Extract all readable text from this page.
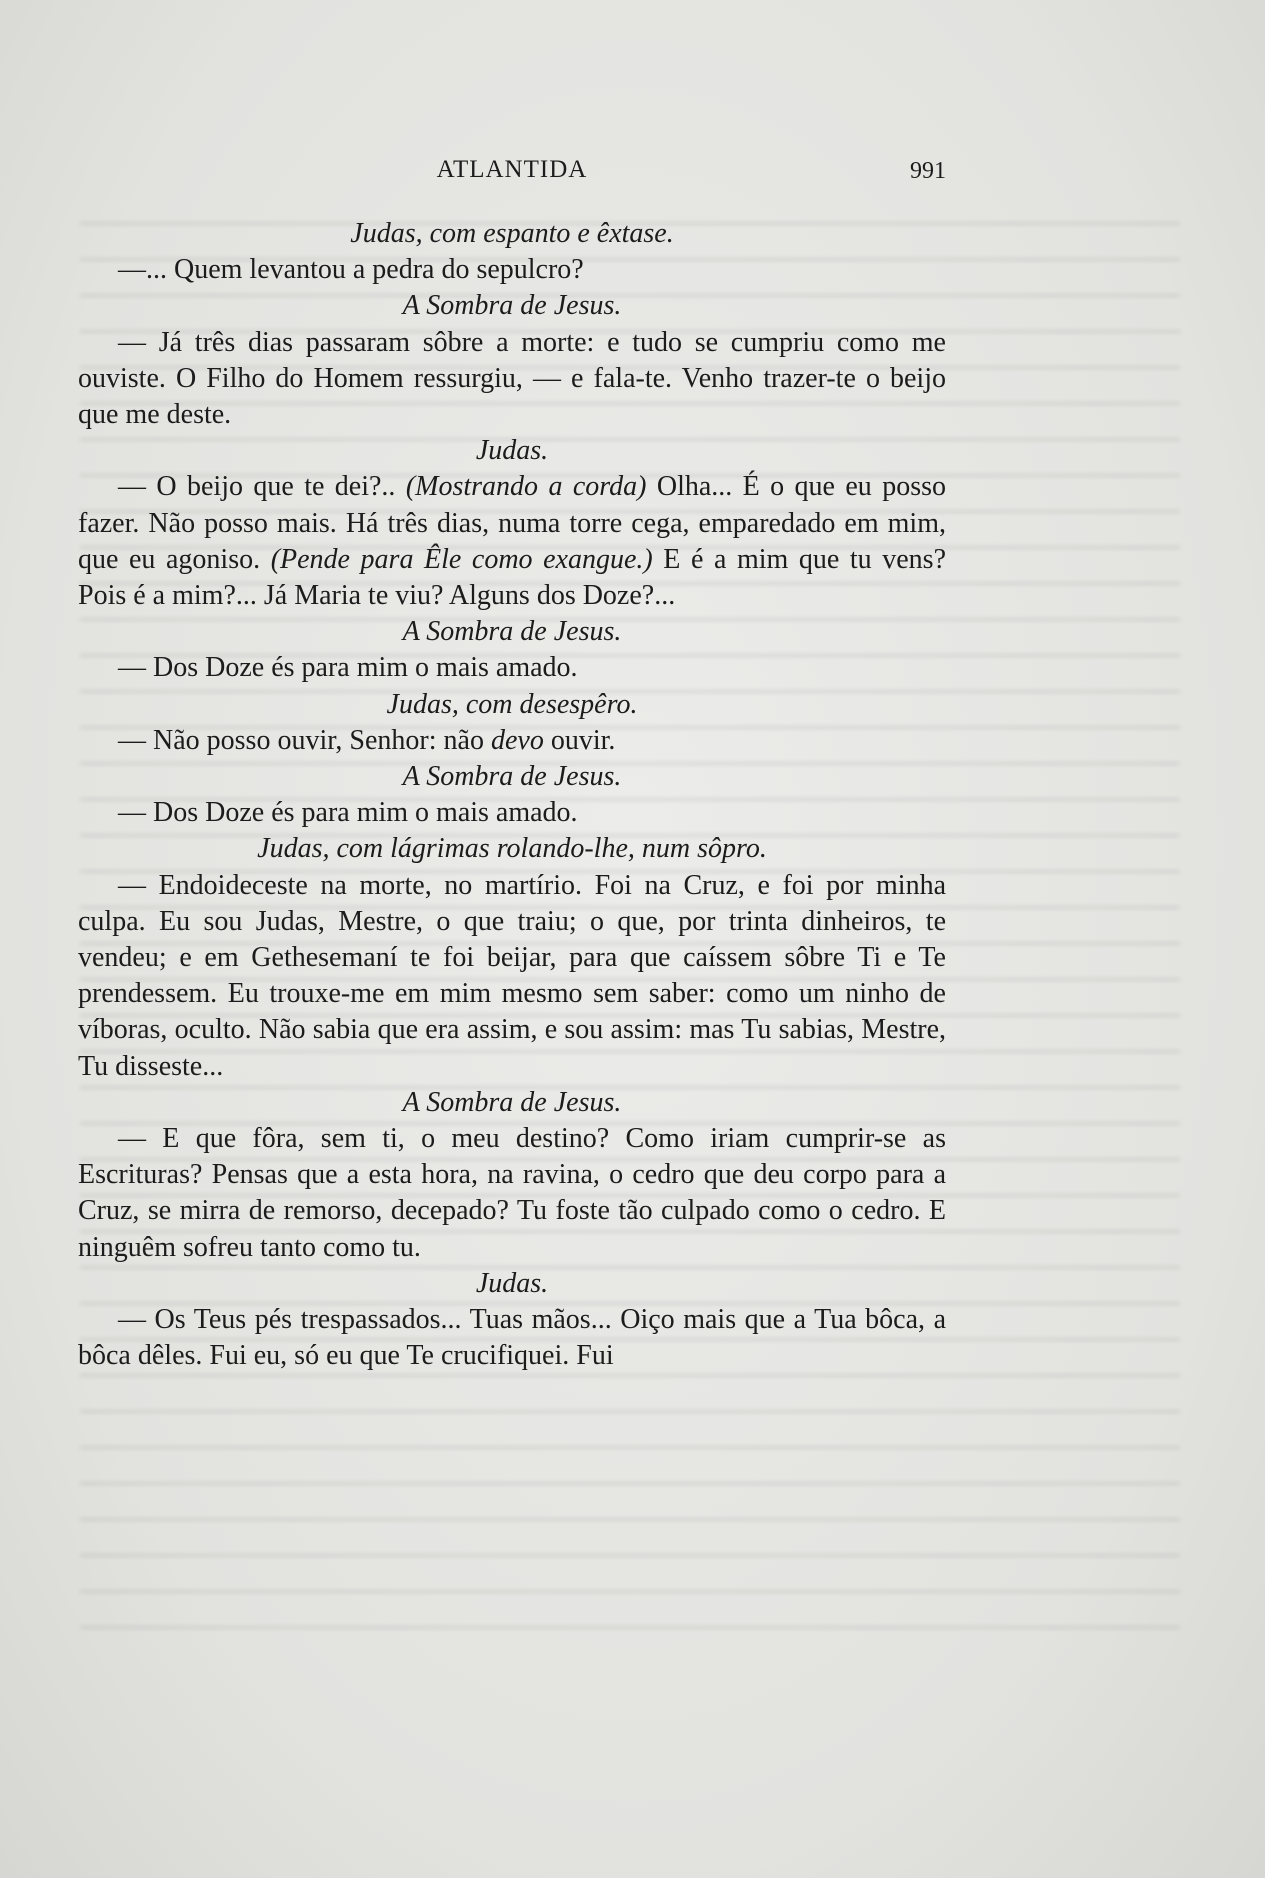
ATLANTIDA	991

Judas, com espanto e êxtase.

—... Quem levantou a pedra do sepulcro?

A Sombra de Jesus.

— Já três dias passaram sôbre a morte: e tudo se cumpriu como me ouviste. O Filho do Homem ressurgiu, — e fala-te. Venho trazer-te o beijo que me deste.

Judas.

— O beijo que te dei?.. (Mostrando a corda) Olha... É o que eu posso fazer. Não posso mais. Há três dias, numa torre cega, emparedado em mim, que eu agoniso. (Pende para Êle como exangue.) E é a mim que tu vens? Pois é a mim?... Já Maria te viu? Alguns dos Doze?...

A Sombra de Jesus.

— Dos Doze és para mim o mais amado.

Judas, com desespêro.

— Não posso ouvir, Senhor: não devo ouvir.

A Sombra de Jesus.

— Dos Doze és para mim o mais amado.

Judas, com lágrimas rolando-lhe, num sôpro.

— Endoideceste na morte, no martírio. Foi na Cruz, e foi por minha culpa. Eu sou Judas, Mestre, o que traiu; o que, por trinta dinheiros, te vendeu; e em Gethesemaní te foi beijar, para que caíssem sôbre Ti e Te prendessem. Eu trouxe-me em mim mesmo sem saber: como um ninho de víboras, oculto. Não sabia que era assim, e sou assim: mas Tu sabias, Mestre, Tu disseste...

A Sombra de Jesus.

— E que fôra, sem ti, o meu destino? Como iriam cumprir-se as Escrituras? Pensas que a esta hora, na ravina, o cedro que deu corpo para a Cruz, se mirra de remorso, decepado? Tu foste tão culpado como o cedro. E ninguêm sofreu tanto como tu.

Judas.

— Os Teus pés trespassados... Tuas mãos... Oiço mais que a Tua bôca, a bôca dêles. Fui eu, só eu que Te crucifiquei. Fui
